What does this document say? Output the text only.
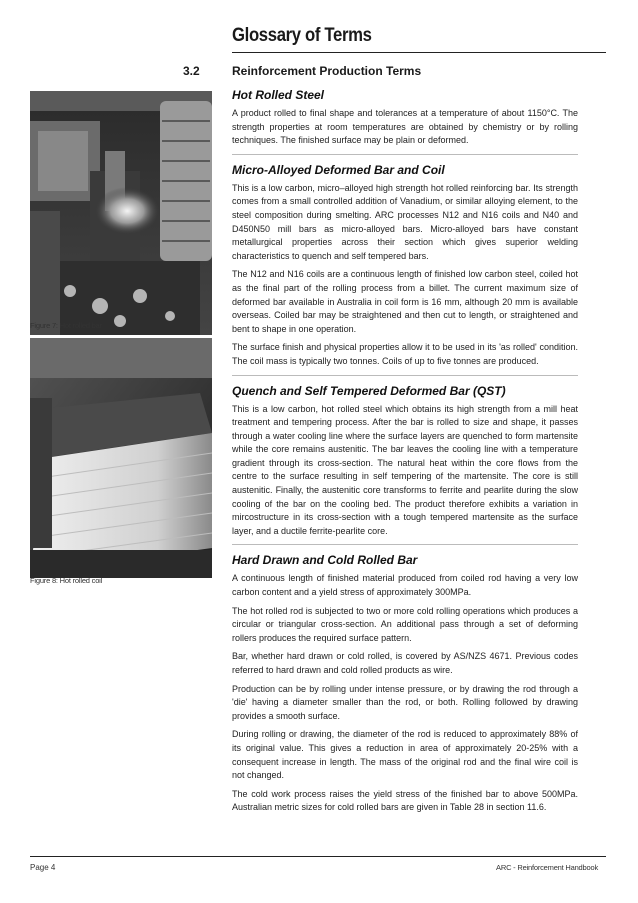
Glossary of Terms
3.2	Reinforcement Production Terms
Figure 7: Hot rolled bar
Figure 8: Hot rolled coil
Hot Rolled Steel

A product rolled to final shape and tolerances at a temperature of about 1150°C. The strength properties at room temperatures are obtained by chemistry or by rolling techniques. The finished surface may be plain or deformed.

Micro-Alloyed Deformed Bar and Coil

This is a low carbon, micro–alloyed high strength hot rolled reinforcing bar. Its strength comes from a small controlled addition of Vanadium, or similar alloying element, to the steel composition during smelting. ARC processes N12 and N16 coils and N40 and D450N50 mill bars as micro-alloyed bars. Micro-alloyed bars have constant metallurgical properties across their section which gives superior welding characteristics to quench and self tempered bars.

The N12 and N16 coils are a continuous length of finished low carbon steel, coiled hot as the final part of the rolling process from a billet. The current maximum size of deformed bar available in Australia in coil form is 16 mm, although 20 mm is available overseas. Coiled bar may be straightened and then cut to length, or straightened and bent to shape in one operation.

The surface finish and physical properties allow it to be used in its 'as rolled' condition. The coil mass is typically two tonnes. Coils of up to five tonnes are produced.

Quench and Self Tempered Deformed Bar (QST)

This is a low carbon, hot rolled steel which obtains its high strength from a mill heat treatment and tempering process. After the bar is rolled to size and shape, it passes through a water cooling line where the surface layers are quenched to form martensite while the core remains austenitic. The bar leaves the cooling line with a temperature gradient through its cross-section. The natural heat within the core flows from the centre to the surface resulting in self tempering of the martensite. The core is still austenitic. Finally, the austenitic core transforms to ferrite and pearlite during the slow cooling of the bar on the cooling bed. The product therefore exhibits a variation in mircostructure in its cross-section with a tough tempered martensite as the surface layer, and a ductile ferrite-pearlite core.

Hard Drawn and Cold Rolled Bar

A continuous length of finished material produced from coiled rod having a very low carbon content and a yield stress of approximately 300MPa.

The hot rolled rod is subjected to two or more cold rolling operations which produces a circular or triangular cross-section. An additional pass through a set of deforming rollers produces the required surface pattern.

Bar, whether hard drawn or cold rolled, is covered by AS/NZS 4671. Previous codes referred to hard drawn and cold rolled products as wire.

Production can be by rolling under intense pressure, or by drawing the rod through a 'die' having a diameter smaller than the rod, or both. Rolling followed by drawing provides a smooth surface.

During rolling or drawing, the diameter of the rod is reduced to approximately 88% of its original value. This gives a reduction in area of approximately 20-25% with a consequent increase in length. The mass of the original rod and the final wire coil is not changed.

The cold work process raises the yield stress of the finished bar to above 500MPa. Australian metric sizes for cold rolled bars are given in Table 28 in section 11.6.

Page 4	ARC - Reinforcement Handbook
